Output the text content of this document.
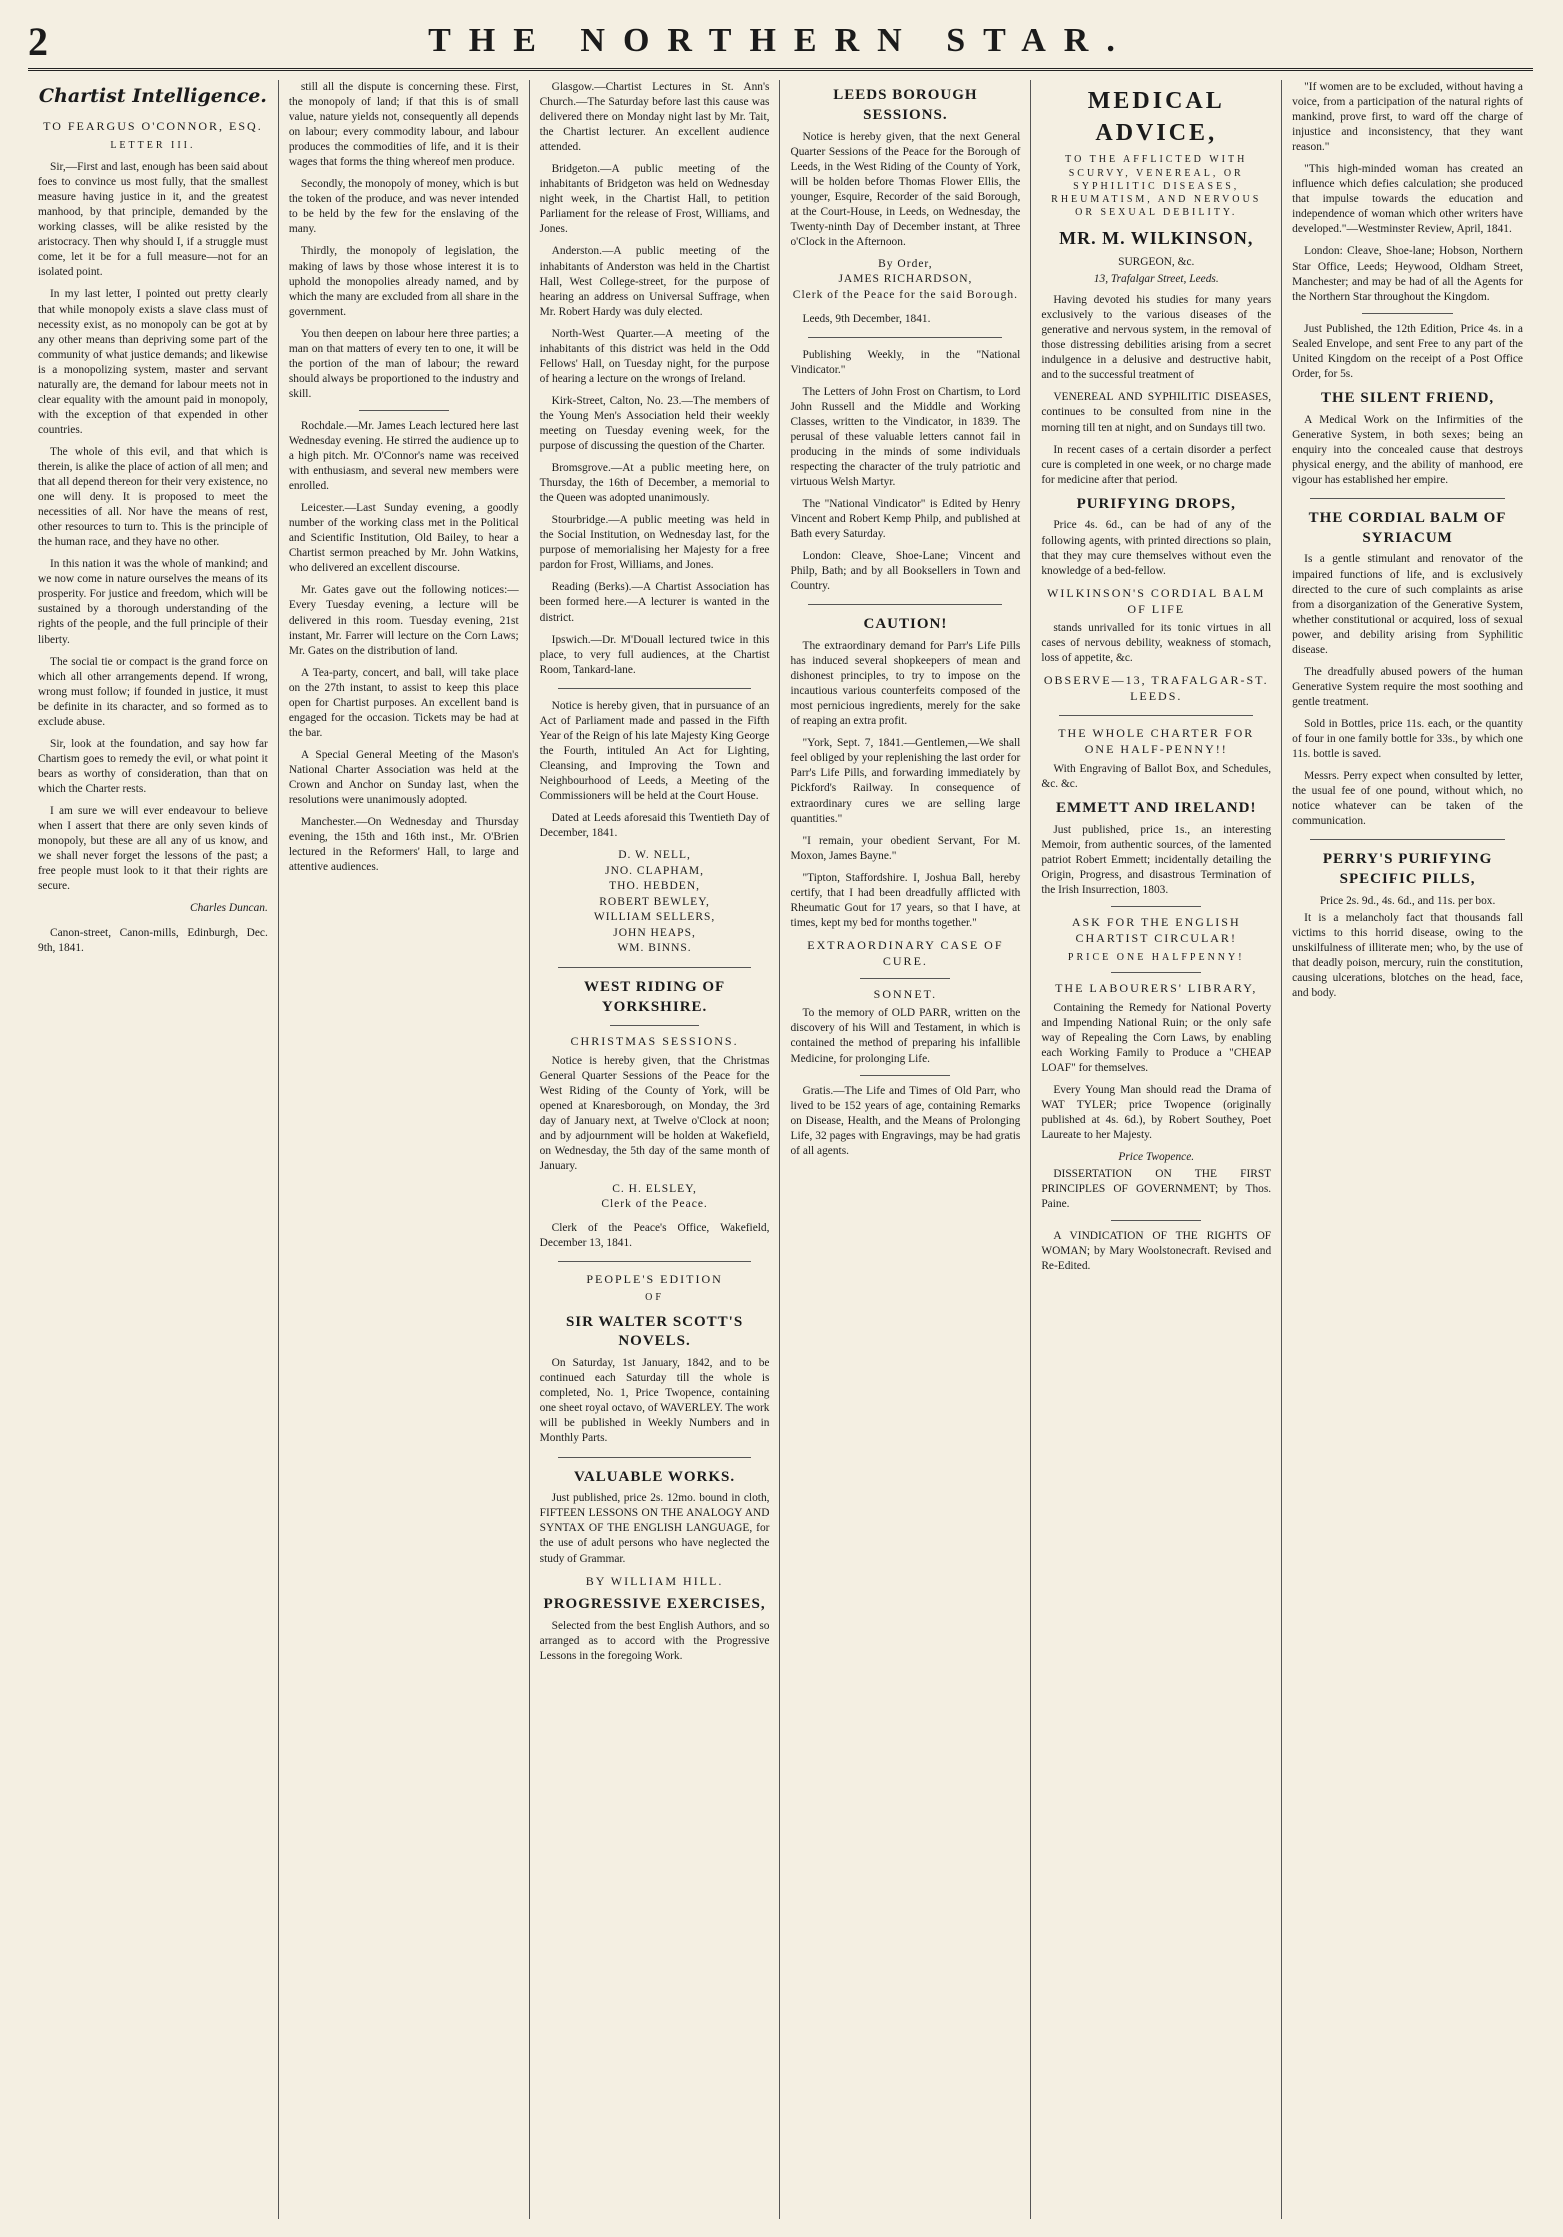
2	THE NORTHERN STAR.
Chartist Intelligence.
TO FEARGUS O'CONNOR, ESQ.
LETTER III.

Sir,—First and last, enough has been said about foes to convince us most fully, that the smallest measure having justice in it, and the greatest manhood, by that principle, demanded by the working classes, will be alike resisted by the aristocracy. Then why should I, if a struggle must come, let it be for a full measure—not for an isolated point.

In my last letter, I pointed out pretty clearly that while monopoly exists a slave class must of necessity exist, as no monopoly can be got at by any other means than depriving some part of the community of what justice demands; and likewise is a monopolizing system, master and servant naturally are, the demand for labour meets not in clear equality with the amount paid in monopoly, with the exception of that expended in other countries.

The whole of this evil, and that which is therein, is alike the place of action of all men; and that all depend thereon for their very existence, no one will deny. It is proposed to meet the necessities of all. Nor have the means of rest, other resources to turn to. This is the principle of the human race, and they have no other.

In this nation it was the whole of mankind; and we now come in nature ourselves the means of its prosperity. For justice and freedom, which will be sustained by a thorough understanding of the rights of the people, and the full principle of their liberty.

The social tie or compact is the grand force on which all other arrangements depend. If wrong, wrong must follow; if founded in justice, it must be definite in its character, and so formed as to exclude abuse.

Sir, look at the foundation, and say how far Chartism goes to remedy the evil, or what point it bears as worthy of consideration, than that on which the Charter rests.

I am sure we will ever endeavour to believe when I assert that there are only seven kinds of monopoly, but these are all any of us know, and we shall never forget the lessons of the past; a free people must look to it that their rights are secure.

Charles Duncan.

Canon-street, Canon-mills, Edinburgh, Dec. 9th, 1841.

still all the dispute is concerning these. First, the monopoly of land; if that this is of small value, nature yields not, consequently all depends on labour; every commodity labour, and labour produces the commodities of life, and it is their wages that forms the thing whereof men produce.

Secondly, the monopoly of money, which is but the token of the produce, and was never intended to be held by the few for the enslaving of the many.

Thirdly, the monopoly of legislation, the making of laws by those whose interest it is to uphold the monopolies already named, and by which the many are excluded from all share in the government.

You then deepen on labour here three parties; a man on that matters of every ten to one, it will be the portion of the man of labour; the reward should always be proportioned to the industry and skill.

Rochdale.—Mr. James Leach lectured here last Wednesday evening. He stirred the audience up to a high pitch. Mr. O'Connor's name was received with enthusiasm, and several new members were enrolled.

Leicester.—Last Sunday evening, a goodly number of the working class met in the Political and Scientific Institution, Old Bailey, to hear a Chartist sermon preached by Mr. John Watkins, who delivered an excellent discourse.

Mr. Gates gave out the following notices:—Every Tuesday evening, a lecture will be delivered in this room. Tuesday evening, 21st instant, Mr. Farrer will lecture on the Corn Laws; Mr. Gates on the distribution of land.

A Tea-party, concert, and ball, will take place on the 27th instant, to assist to keep this place open for Chartist purposes. An excellent band is engaged for the occasion. Tickets may be had at the bar.

A Special General Meeting of the Mason's National Charter Association was held at the Crown and Anchor on Sunday last, when the resolutions were unanimously adopted.

Manchester.—On Wednesday and Thursday evening, the 15th and 16th inst., Mr. O'Brien lectured in the Reformers' Hall, to large and attentive audiences.

Glasgow.—Chartist Lectures in St. Ann's Church.—The Saturday before last this cause was delivered there on Monday night last by Mr. Tait, the Chartist lecturer. An excellent audience attended.

Bridgeton.—A public meeting of the inhabitants of Bridgeton was held on Wednesday night week, in the Chartist Hall, to petition Parliament for the release of Frost, Williams, and Jones.

Anderston.—A public meeting of the inhabitants of Anderston was held in the Chartist Hall, West College-street, for the purpose of hearing an address on Universal Suffrage, when Mr. Robert Hardy was duly elected.

North-West Quarter.—A meeting of the inhabitants of this district was held in the Odd Fellows' Hall, on Tuesday night, for the purpose of hearing a lecture on the wrongs of Ireland.

Kirk-Street, Calton, No. 23.—The members of the Young Men's Association held their weekly meeting on Tuesday evening week, for the purpose of discussing the question of the Charter.

Bromsgrove.—At a public meeting here, on Thursday, the 16th of December, a memorial to the Queen was adopted unanimously.

Stourbridge.—A public meeting was held in the Social Institution, on Wednesday last, for the purpose of memorialising her Majesty for a free pardon for Frost, Williams, and Jones.

Reading (Berks).—A Chartist Association has been formed here.—A lecturer is wanted in the district.

Ipswich.—Dr. M'Douall lectured twice in this place, to very full audiences, at the Chartist Room, Tankard-lane.

Notice is hereby given, that in pursuance of an Act of Parliament made and passed in the Fifth Year of the Reign of his late Majesty King George the Fourth, intituled An Act for Lighting, Cleansing, and Improving the Town and Neighbourhood of Leeds, a Meeting of the Commissioners will be held at the Court House.

Dated at Leeds aforesaid this Twentieth Day of December, 1841.

D. W. NELL,
JNO. CLAPHAM,
THO. HEBDEN,
ROBERT BEWLEY,
WILLIAM SELLERS,
JOHN HEAPS,
WM. BINNS.
WEST RIDING OF YORKSHIRE.
CHRISTMAS SESSIONS.

Notice is hereby given, that the Christmas General Quarter Sessions of the Peace for the West Riding of the County of York, will be opened at Knaresborough, on Monday, the 3rd day of January next, at Twelve o'Clock at noon; and by adjournment will be holden at Wakefield, on Wednesday, the 5th day of the same month of January.

C. H. ELSLEY,
Clerk of the Peace.

Clerk of the Peace's Office, Wakefield, December 13, 1841.

PEOPLE'S EDITION
OF
SIR WALTER SCOTT'S NOVELS.

On Saturday, 1st January, 1842, and to be continued each Saturday till the whole is completed, No. 1, Price Twopence, containing one sheet royal octavo, of WAVERLEY. The work will be published in Weekly Numbers and in Monthly Parts.

VALUABLE WORKS.

Just published, price 2s. 12mo. bound in cloth, FIFTEEN LESSONS ON THE ANALOGY AND SYNTAX OF THE ENGLISH LANGUAGE, for the use of adult persons who have neglected the study of Grammar.

BY WILLIAM HILL.
PROGRESSIVE EXERCISES,

Selected from the best English Authors, and so arranged as to accord with the Progressive Lessons in the foregoing Work.

LEEDS BOROUGH SESSIONS.

Notice is hereby given, that the next General Quarter Sessions of the Peace for the Borough of Leeds, in the West Riding of the County of York, will be holden before Thomas Flower Ellis, the younger, Esquire, Recorder of the said Borough, at the Court-House, in Leeds, on Wednesday, the Twenty-ninth Day of December instant, at Three o'Clock in the Afternoon.

By Order,
JAMES RICHARDSON,
Clerk of the Peace for the said Borough.

Leeds, 9th December, 1841.

Publishing Weekly, in the "National Vindicator."

The Letters of John Frost on Chartism, to Lord John Russell and the Middle and Working Classes, written to the Vindicator, in 1839. The perusal of these valuable letters cannot fail in producing in the minds of some individuals respecting the character of the truly patriotic and virtuous Welsh Martyr.

The "National Vindicator" is Edited by Henry Vincent and Robert Kemp Philp, and published at Bath every Saturday.

London: Cleave, Shoe-Lane; Vincent and Philp, Bath; and by all Booksellers in Town and Country.

CAUTION!

The extraordinary demand for Parr's Life Pills has induced several shopkeepers of mean and dishonest principles, to try to impose on the incautious various counterfeits composed of the most pernicious ingredients, merely for the sake of reaping an extra profit.

"York, Sept. 7, 1841.—Gentlemen,—We shall feel obliged by your replenishing the last order for Parr's Life Pills, and forwarding immediately by Pickford's Railway. In consequence of extraordinary cures we are selling large quantities."

"I remain, your obedient Servant, For M. Moxon, James Bayne."

"Tipton, Staffordshire. I, Joshua Ball, hereby certify, that I had been dreadfully afflicted with Rheumatic Gout for 17 years, so that I have, at times, kept my bed for months together."

EXTRAORDINARY CASE OF CURE.
SONNET.

To the memory of OLD PARR, written on the discovery of his Will and Testament, in which is contained the method of preparing his infallible Medicine, for prolonging Life.

Gratis.—The Life and Times of Old Parr, who lived to be 152 years of age, containing Remarks on Disease, Health, and the Means of Prolonging Life, 32 pages with Engravings, may be had gratis of all agents.

MEDICAL ADVICE,
TO THE AFFLICTED WITH SCURVY, VENEREAL, OR SYPHILITIC DISEASES, RHEUMATISM, AND NERVOUS OR SEXUAL DEBILITY.
MR. M. WILKINSON,
SURGEON, &c.
13, Trafalgar Street, Leeds.

Having devoted his studies for many years exclusively to the various diseases of the generative and nervous system, in the removal of those distressing debilities arising from a secret indulgence in a delusive and destructive habit, and to the successful treatment of

VENEREAL AND SYPHILITIC DISEASES, continues to be consulted from nine in the morning till ten at night, and on Sundays till two.

In recent cases of a certain disorder a perfect cure is completed in one week, or no charge made for medicine after that period.

PURIFYING DROPS,

Price 4s. 6d., can be had of any of the following agents, with printed directions so plain, that they may cure themselves without even the knowledge of a bed-fellow.

WILKINSON'S CORDIAL BALM OF LIFE

stands unrivalled for its tonic virtues in all cases of nervous debility, weakness of stomach, loss of appetite, &c.

OBSERVE—13, TRAFALGAR-ST. LEEDS.
THE WHOLE CHARTER FOR ONE HALF-PENNY!!

With Engraving of Ballot Box, and Schedules, &c. &c.

EMMETT AND IRELAND!

Just published, price 1s., an interesting Memoir, from authentic sources, of the lamented patriot Robert Emmett; incidentally detailing the Origin, Progress, and disastrous Termination of the Irish Insurrection, 1803.

ASK FOR THE ENGLISH CHARTIST CIRCULAR!
PRICE ONE HALFPENNY!
THE LABOURERS' LIBRARY,

Containing the Remedy for National Poverty and Impending National Ruin; or the only safe way of Repealing the Corn Laws, by enabling each Working Family to Produce a "CHEAP LOAF" for themselves.

Every Young Man should read the Drama of WAT TYLER; price Twopence (originally published at 4s. 6d.), by Robert Southey, Poet Laureate to her Majesty.

Price Twopence.

DISSERTATION ON THE FIRST PRINCIPLES OF GOVERNMENT; by Thos. Paine.

A VINDICATION OF THE RIGHTS OF WOMAN; by Mary Woolstonecraft. Revised and Re-Edited.

"If women are to be excluded, without having a voice, from a participation of the natural rights of mankind, prove first, to ward off the charge of injustice and inconsistency, that they want reason."

"This high-minded woman has created an influence which defies calculation; she produced that impulse towards the education and independence of woman which other writers have developed."—Westminster Review, April, 1841.

London: Cleave, Shoe-lane; Hobson, Northern Star Office, Leeds; Heywood, Oldham Street, Manchester; and may be had of all the Agents for the Northern Star throughout the Kingdom.

Just Published, the 12th Edition, Price 4s. in a Sealed Envelope, and sent Free to any part of the United Kingdom on the receipt of a Post Office Order, for 5s.

THE SILENT FRIEND,

A Medical Work on the Infirmities of the Generative System, in both sexes; being an enquiry into the concealed cause that destroys physical energy, and the ability of manhood, ere vigour has established her empire.

THE CORDIAL BALM OF SYRIACUM

Is a gentle stimulant and renovator of the impaired functions of life, and is exclusively directed to the cure of such complaints as arise from a disorganization of the Generative System, whether constitutional or acquired, loss of sexual power, and debility arising from Syphilitic disease.

The dreadfully abused powers of the human Generative System require the most soothing and gentle treatment.

Sold in Bottles, price 11s. each, or the quantity of four in one family bottle for 33s., by which one 11s. bottle is saved.

Messrs. Perry expect when consulted by letter, the usual fee of one pound, without which, no notice whatever can be taken of the communication.

PERRY'S PURIFYING SPECIFIC PILLS,
Price 2s. 9d., 4s. 6d., and 11s. per box.

It is a melancholy fact that thousands fall victims to this horrid disease, owing to the unskilfulness of illiterate men; who, by the use of that deadly poison, mercury, ruin the constitution, causing ulcerations, blotches on the head, face, and body.
